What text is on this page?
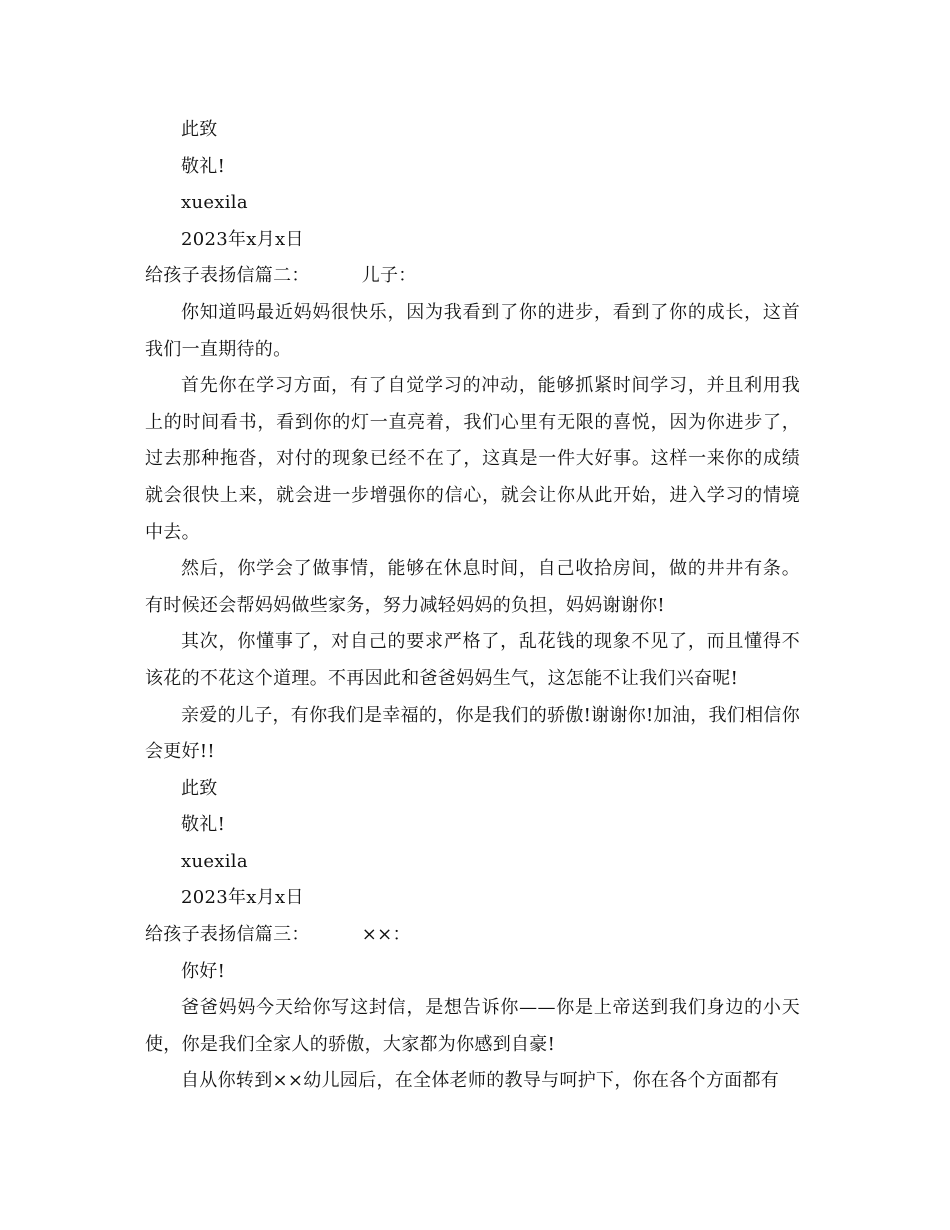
此致

敬礼!

xuexila

2023年x月x日

给孩子表扬信篇二：	儿子：

你知道吗最近妈妈很快乐，因为我看到了你的进步，看到了你的成长，这首我们一直期待的。

首先你在学习方面，有了自觉学习的冲动，能够抓紧时间学习，并且利用我上的时间看书，看到你的灯一直亮着，我们心里有无限的喜悦，因为你进步了，过去那种拖沓，对付的现象已经不在了，这真是一件大好事。这样一来你的成绩就会很快上来，就会进一步增强你的信心，就会让你从此开始，进入学习的情境中去。

然后，你学会了做事情，能够在休息时间，自己收拾房间，做的井井有条。有时候还会帮妈妈做些家务，努力减轻妈妈的负担，妈妈谢谢你!

其次，你懂事了，对自己的要求严格了，乱花钱的现象不见了，而且懂得不该花的不花这个道理。不再因此和爸爸妈妈生气，这怎能不让我们兴奋呢!

亲爱的儿子，有你我们是幸福的，你是我们的骄傲!谢谢你!加油，我们相信你会更好!!

此致

敬礼!

xuexila

2023年x月x日

给孩子表扬信篇三：	××：

你好!

爸爸妈妈今天给你写这封信，是想告诉你——你是上帝送到我们身边的小天使，你是我们全家人的骄傲，大家都为你感到自豪!

自从你转到××幼儿园后，在全体老师的教导与呵护下，你在各个方面都有
